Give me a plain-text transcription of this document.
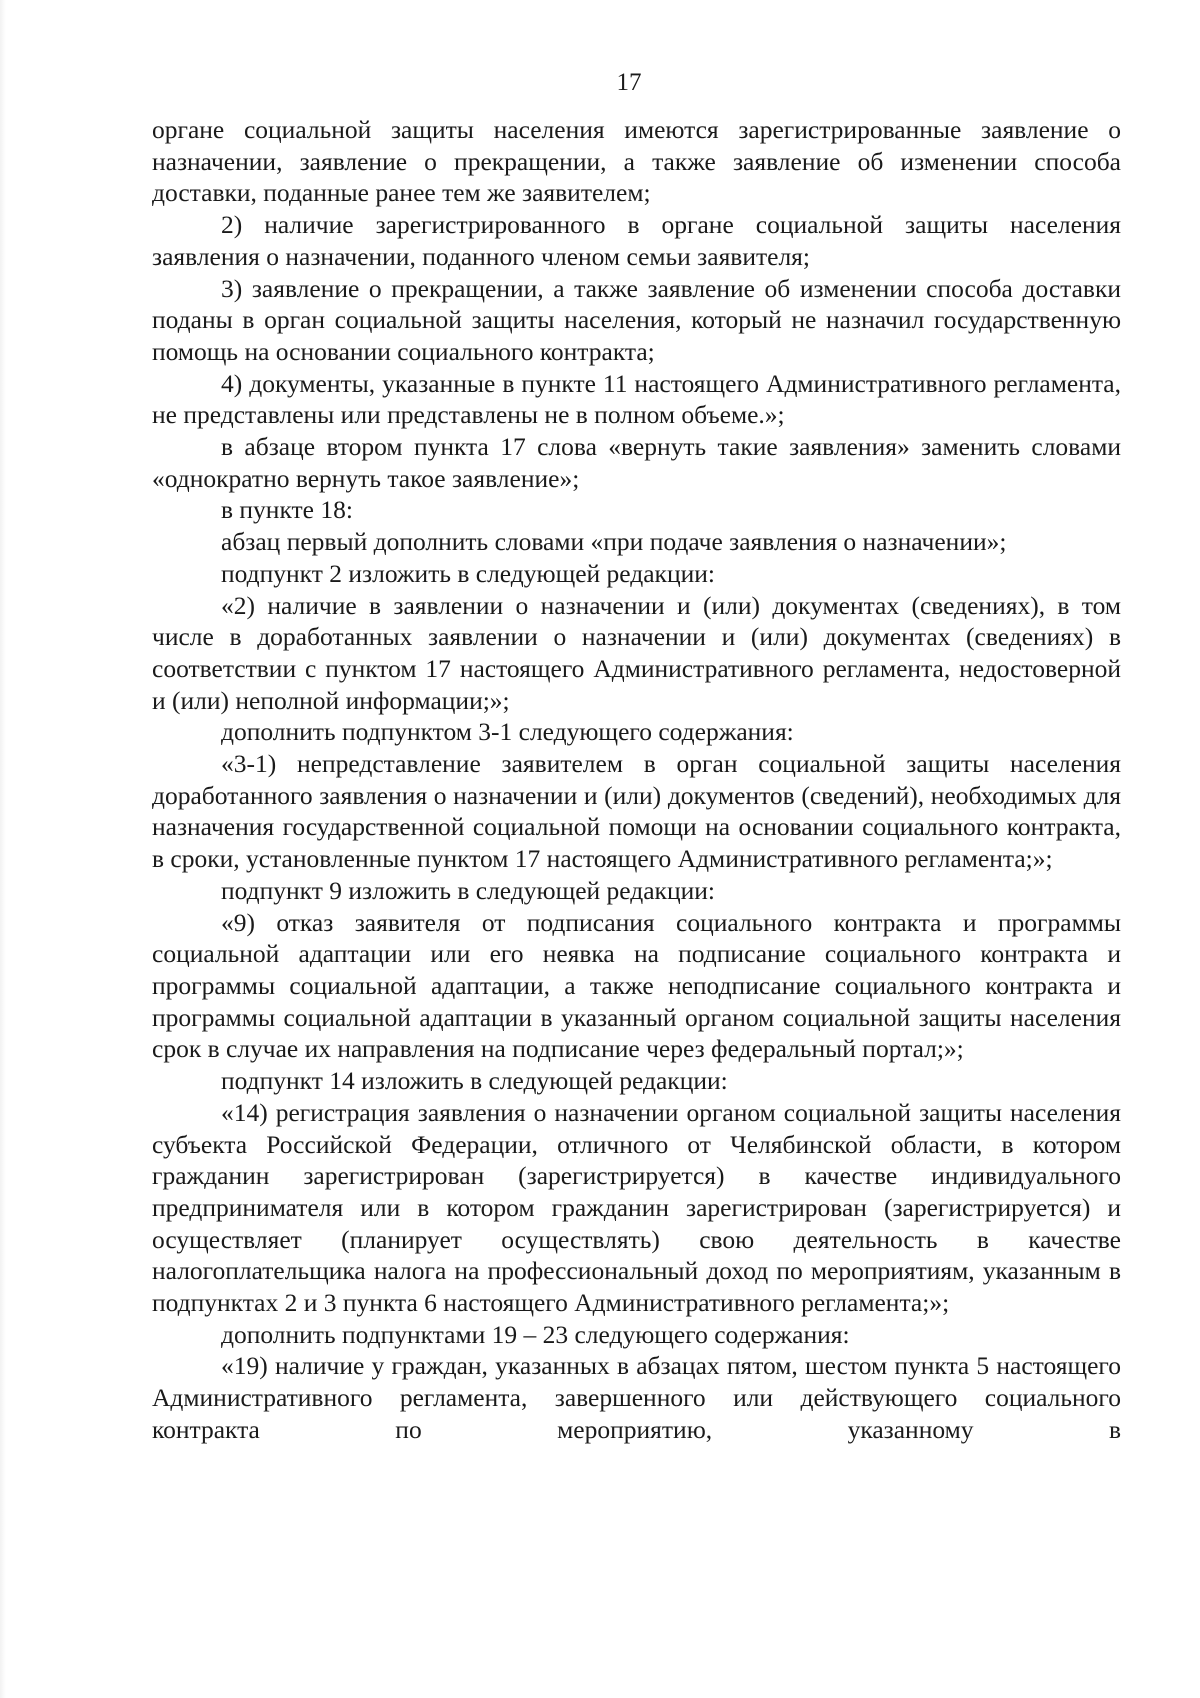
17

органе социальной защиты населения имеются зарегистрированные заявление о назначении, заявление о прекращении, а также заявление об изменении способа доставки, поданные ранее тем же заявителем;

2) наличие зарегистрированного в органе социальной защиты населения заявления о назначении, поданного членом семьи заявителя;

3) заявление о прекращении, а также заявление об изменении способа доставки поданы в орган социальной защиты населения, который не назначил государственную помощь на основании социального контракта;

4) документы, указанные в пункте 11 настоящего Административного регламента, не представлены или представлены не в полном объеме.»;

в абзаце втором пункта 17 слова «вернуть такие заявления» заменить словами «однократно вернуть такое заявление»;

в пункте 18:

абзац первый дополнить словами «при подаче заявления о назначении»;

подпункт 2 изложить в следующей редакции:

«2) наличие в заявлении о назначении и (или) документах (сведениях), в том числе в доработанных заявлении о назначении и (или) документах (сведениях) в соответствии с пунктом 17 настоящего Административного регламента, недостоверной и (или) неполной информации;»;

дополнить подпунктом 3-1 следующего содержания:

«3-1) непредставление заявителем в орган социальной защиты населения доработанного заявления о назначении и (или) документов (сведений), необходимых для назначения государственной социальной помощи на основании социального контракта, в сроки, установленные пунктом 17 настоящего Административного регламента;»;

подпункт 9 изложить в следующей редакции:

«9) отказ заявителя от подписания социального контракта и программы социальной адаптации или его неявка на подписание социального контракта и программы социальной адаптации, а также неподписание социального контракта и программы социальной адаптации в указанный органом социальной защиты населения срок в случае их направления на подписание через федеральный портал;»;

подпункт 14 изложить в следующей редакции:

«14) регистрация заявления о назначении органом социальной защиты населения субъекта Российской Федерации, отличного от Челябинской области, в котором гражданин зарегистрирован (зарегистрируется) в качестве индивидуального предпринимателя или в котором гражданин зарегистрирован (зарегистрируется) и осуществляет (планирует осуществлять) свою деятельность в качестве налогоплательщика налога на профессиональный доход по мероприятиям, указанным в подпунктах 2 и 3 пункта 6 настоящего Административного регламента;»;

дополнить подпунктами 19 – 23 следующего содержания:

«19) наличие у граждан, указанных в абзацах пятом, шестом пункта 5 настоящего Административного регламента, завершенного или действующего социального контракта по мероприятию, указанному в
